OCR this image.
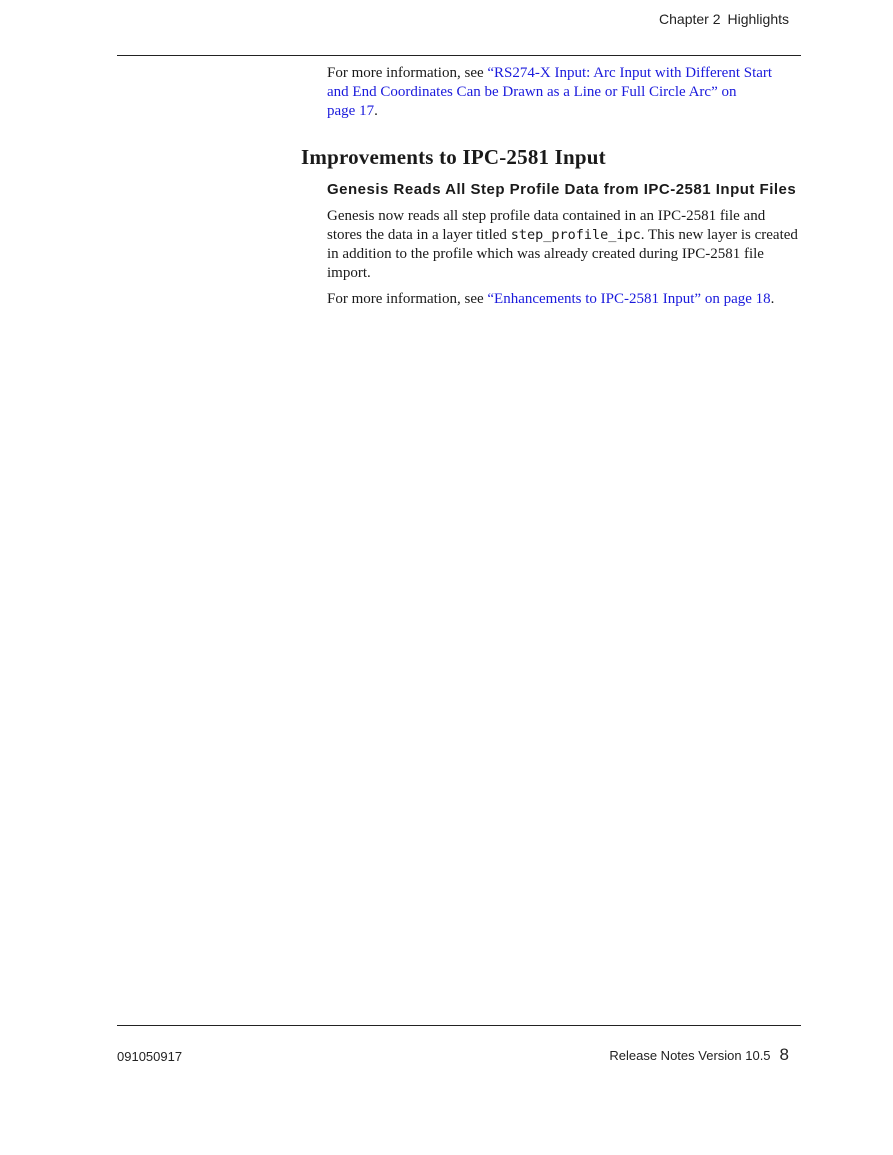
Chapter 2 Highlights

For more information, see “RS274-X Input: Arc Input with Different Start
and End Coordinates Can be Drawn as a Line or Full Circle Arc” on
page 17.

Improvements to IPC-2581 Input
Genesis Reads All Step Profile Data from IPC-2581 Input Files

Genesis now reads all step profile data contained in an IPC-2581 file and
stores the data in a layer titled step_profile_ipc. This new layer is created
in addition to the profile which was already created during IPC-2581 file
import.

For more information, see “Enhancements to IPC-2581 Input” on page 18.

091050917	Release Notes Version 10.5 8
